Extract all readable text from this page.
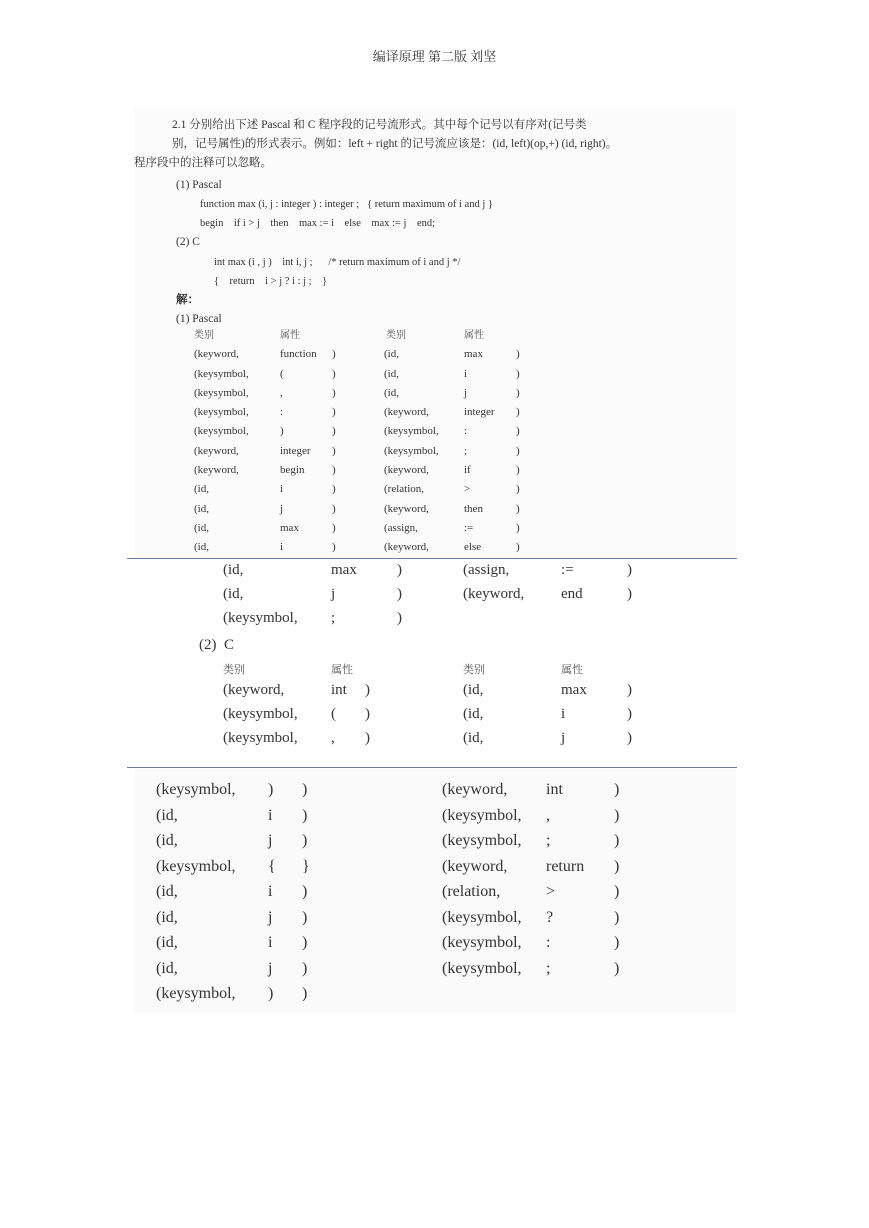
编译原理 第二版 刘坚
2.1 分别给出下述 Pascal 和 C 程序段的记号流形式。其中每个记号以有序对(记号类
别，记号属性)的形式表示。例如：left + right 的记号流应该是：(id, left)(op,+) (id, right)。
程序段中的注释可以忽略。
(1) Pascal
function max (i, j : integer ) : integer ;   { return maximum of i and j }
begin    if i > j    then    max := i    else    max := j    end;
(2) C
int max (i , j )    int i, j ;      /* return maximum of i and j */
{    return    i > j ? i : j ;    }
解：
(1) Pascal
类别	属性	类别	属性
(keyword,	function )	(id,	max	)
(keysymbol,	(	)	(id,	i	)
(keysymbol,	,	)	(id,	j	)
(keysymbol,	:	)	(keyword,	integer )
(keysymbol,	)	)	(keysymbol, :	)
(keyword,	integer )	(keysymbol, ;	)
(keyword,	begin	)	(keyword,	if	)
(id,	i	)	(relation,	>	)
(id,	j	)	(keyword,	then	)
(id,	max	)	(assign,	:=	)
(id,	i	)	(keyword,	else	)
(id,	max	)	(assign,	:=	)
(id,	j	)	(keyword, end	)
(keysymbol, ;	)
(2)  C
类别	属性	类别	属性
(keyword,	int )	(id,	max	)
(keysymbol, ( )	(id,	i	)
(keysymbol, , )	(id,	j	)
(keysymbol, ) )	(keyword, int	)
(id,	i )	(keysymbol, ,	)
(id,	j )	(keysymbol, ;	)
(keysymbol, { }	(keyword, return )
(id,	i )	(relation,	>	)
(id,	j )	(keysymbol, ?	)
(id,	i )	(keysymbol, :	)
(id,	j )	(keysymbol, ;	)
(keysymbol, ) )
